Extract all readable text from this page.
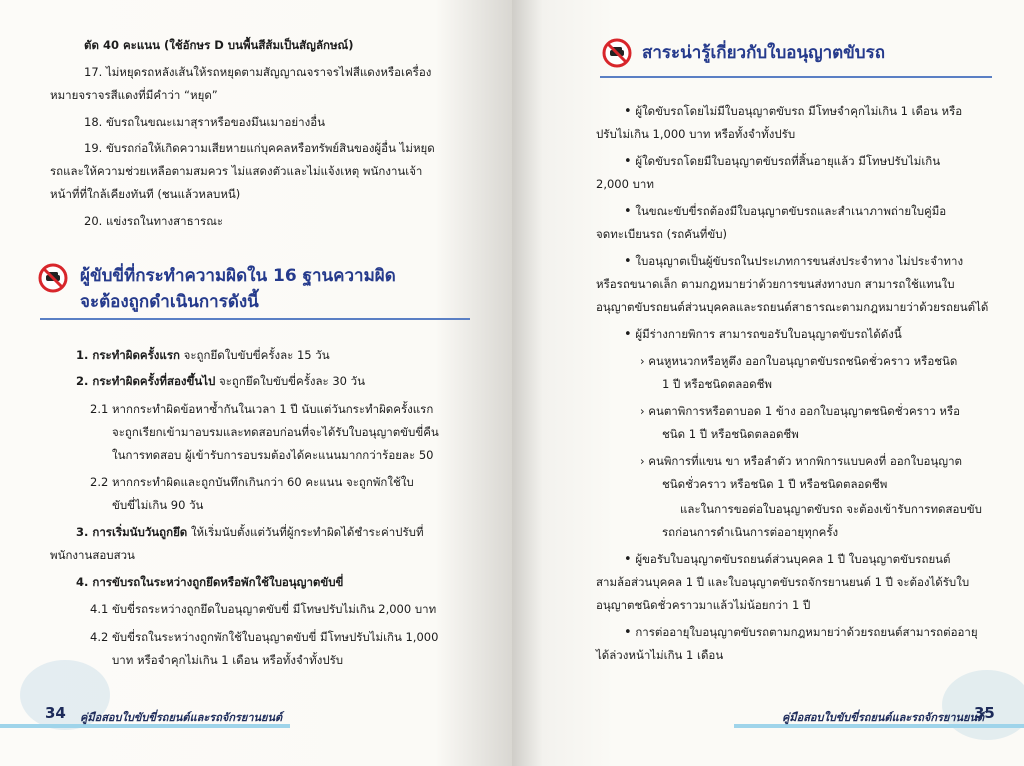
ตัด 40 คะแนน (ใช้อักษร D บนพื้นสีส้มเป็นสัญลักษณ์)
17. ไม่หยุดรถหลังเส้นให้รถหยุดตามสัญญาณจราจรไฟสีแดงหรือเครื่อง
หมายจราจรสีแดงที่มีคำว่า “หยุด”
18. ขับรถในขณะเมาสุราหรือของมึนเมาอย่างอื่น
19. ขับรถก่อให้เกิดความเสียหายแก่บุคคลหรือทรัพย์สินของผู้อื่น ไม่หยุด
รถและให้ความช่วยเหลือตามสมควร ไม่แสดงตัวและไม่แจ้งเหตุ พนักงานเจ้า
หน้าที่ที่ใกล้เคียงทันที (ชนแล้วหลบหนี)
20. แข่งรถในทางสาธารณะ
ผู้ขับขี่ที่กระทำความผิดใน 16 ฐานความผิด
จะต้องถูกดำเนินการดังนี้
1. กระทำผิดครั้งแรก จะถูกยึดใบขับขี่ครั้งละ 15 วัน
2. กระทำผิดครั้งที่สองขึ้นไป จะถูกยึดใบขับขี่ครั้งละ 30 วัน
2.1 หากกระทำผิดข้อหาซ้ำกันในเวลา 1 ปี นับแต่วันกระทำผิดครั้งแรก
จะถูกเรียกเข้ามาอบรมและทดสอบก่อนที่จะได้รับใบอนุญาตขับขี่คืน
ในการทดสอบ ผู้เข้ารับการอบรมต้องได้คะแนนมากกว่าร้อยละ 50
2.2 หากกระทำผิดและถูกบันทึกเกินกว่า 60 คะแนน จะถูกพักใช้ใบ
ขับขี่ไม่เกิน 90 วัน
3. การเริ่มนับวันถูกยึด ให้เริ่มนับตั้งแต่วันที่ผู้กระทำผิดได้ชำระค่าปรับที่
พนักงานสอบสวน
4. การขับรถในระหว่างถูกยึดหรือพักใช้ใบอนุญาตขับขี่
4.1 ขับขี่รถระหว่างถูกยึดใบอนุญาตขับขี่ มีโทษปรับไม่เกิน 2,000 บาท
4.2 ขับขี่รถในระหว่างถูกพักใช้ใบอนุญาตขับขี่ มีโทษปรับไม่เกิน 1,000
บาท หรือจำคุกไม่เกิน 1 เดือน หรือทั้งจำทั้งปรับ
34 คู่มือสอบใบขับขี่รถยนต์และรถจักรยานยนต์
สาระน่ารู้เกี่ยวกับใบอนุญาตขับรถ
• ผู้ใดขับรถโดยไม่มีใบอนุญาตขับรถ มีโทษจำคุกไม่เกิน 1 เดือน หรือ
ปรับไม่เกิน 1,000 บาท หรือทั้งจำทั้งปรับ
• ผู้ใดขับรถโดยมีใบอนุญาตขับรถที่สิ้นอายุแล้ว มีโทษปรับไม่เกิน
2,000 บาท
• ในขณะขับขี่รถต้องมีใบอนุญาตขับรถและสำเนาภาพถ่ายใบคู่มือ
จดทะเบียนรถ (รถคันที่ขับ)
• ใบอนุญาตเป็นผู้ขับรถในประเภทการขนส่งประจำทาง ไม่ประจำทาง
หรือรถขนาดเล็ก ตามกฎหมายว่าด้วยการขนส่งทางบก สามารถใช้แทนใบ
อนุญาตขับรถยนต์ส่วนบุคคลและรถยนต์สาธารณะตามกฎหมายว่าด้วยรถยนต์ได้
• ผู้มีร่างกายพิการ สามารถขอรับใบอนุญาตขับรถได้ดังนี้
› คนหูหนวกหรือหูตึง ออกใบอนุญาตขับรถชนิดชั่วคราว หรือชนิด
1 ปี หรือชนิดตลอดชีพ
› คนตาพิการหรือตาบอด 1 ข้าง ออกใบอนุญาตชนิดชั่วคราว หรือ
ชนิด 1 ปี หรือชนิดตลอดชีพ
› คนพิการที่แขน ขา หรือลำตัว หากพิการแบบคงที่ ออกใบอนุญาต
ชนิดชั่วคราว หรือชนิด 1 ปี หรือชนิดตลอดชีพ
และในการขอต่อใบอนุญาตขับรถ จะต้องเข้ารับการทดสอบขับ
รถก่อนการดำเนินการต่ออายุทุกครั้ง
• ผู้ขอรับใบอนุญาตขับรถยนต์ส่วนบุคคล 1 ปี ใบอนุญาตขับรถยนต์
สามล้อส่วนบุคคล 1 ปี และใบอนุญาตขับรถจักรยานยนต์ 1 ปี จะต้องได้รับใบ
อนุญาตชนิดชั่วคราวมาแล้วไม่น้อยกว่า 1 ปี
• การต่ออายุใบอนุญาตขับรถตามกฎหมายว่าด้วยรถยนต์สามารถต่ออายุ
ได้ล่วงหน้าไม่เกิน 1 เดือน
คู่มือสอบใบขับขี่รถยนต์และรถจักรยานยนต์
35
